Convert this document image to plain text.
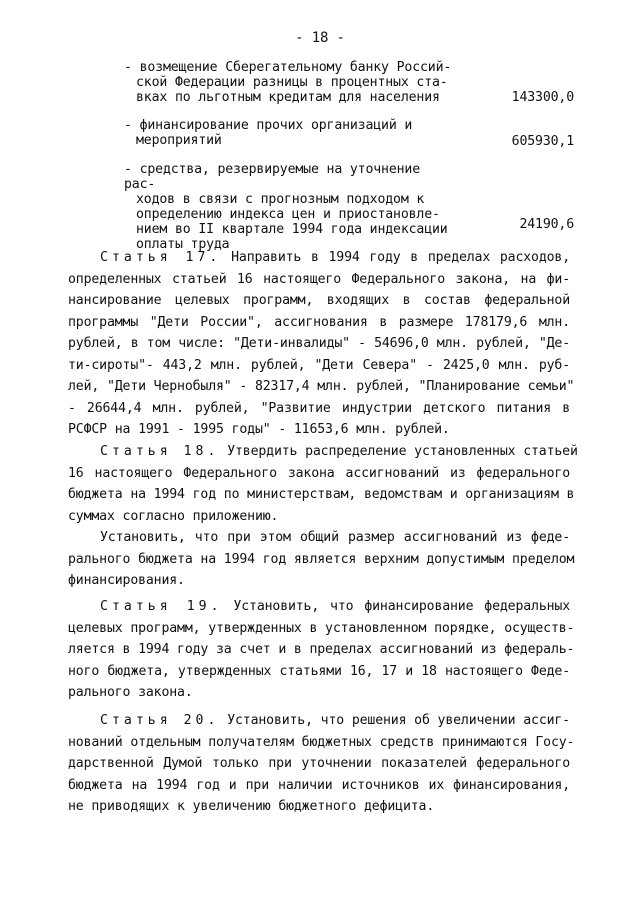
- 18 -
- возмещение Сберегательному банку Россий-
ской Федерации разницы в процентных ста-
вках по льготным кредитам для населения	143300,0
- финансирование прочих организаций и
мероприятий	605930,1
- средства, резервируемые на уточнение рас-
ходов в связи с прогнозным подходом к
определению индекса цен и приостановле-
нием во II квартале 1994 года индексации
оплаты труда
24190,6
Статья 17. Направить в 1994 году в пределах расходов,
определенных статьей 16 настоящего Федерального закона, на фи-
нансирование целевых программ, входящих в состав федеральной
программы "Дети России", ассигнования в размере 178179,6 млн.
рублей, в том числе: "Дети-инвалиды" - 54696,0 млн. рублей, "Де-
ти-сироты"- 443,2 млн. рублей, "Дети Севера" - 2425,0 млн. руб-
лей, "Дети Чернобыля" - 82317,4 млн. рублей, "Планирование семьи"
- 26644,4 млн. рублей, "Развитие индустрии детского питания в
РСФСР на 1991 - 1995 годы" - 11653,6 млн. рублей.
Статья 18. Утвердить распределение установленных статьей
16 настоящего Федерального закона ассигнований из федерального
бюджета на 1994 год по министерствам, ведомствам и организациям в
суммах согласно приложению.
Установить, что при этом общий размер ассигнований из феде-
рального бюджета на 1994 год является верхним допустимым пределом
финансирования.
Статья 19. Установить, что финансирование федеральных
целевых программ, утвержденных в установленном порядке, осуществ-
ляется в 1994 году за счет и в пределах ассигнований из федераль-
ного бюджета, утвержденных статьями 16, 17 и 18 настоящего Феде-
рального закона.
Статья 20. Установить, что решения об увеличении ассиг-
нований отдельным получателям бюджетных средств принимаются Госу-
дарственной Думой только при уточнении показателей федерального
бюджета на 1994 год и при наличии источников их финансирования,
не приводящих к увеличению бюджетного дефицита.
